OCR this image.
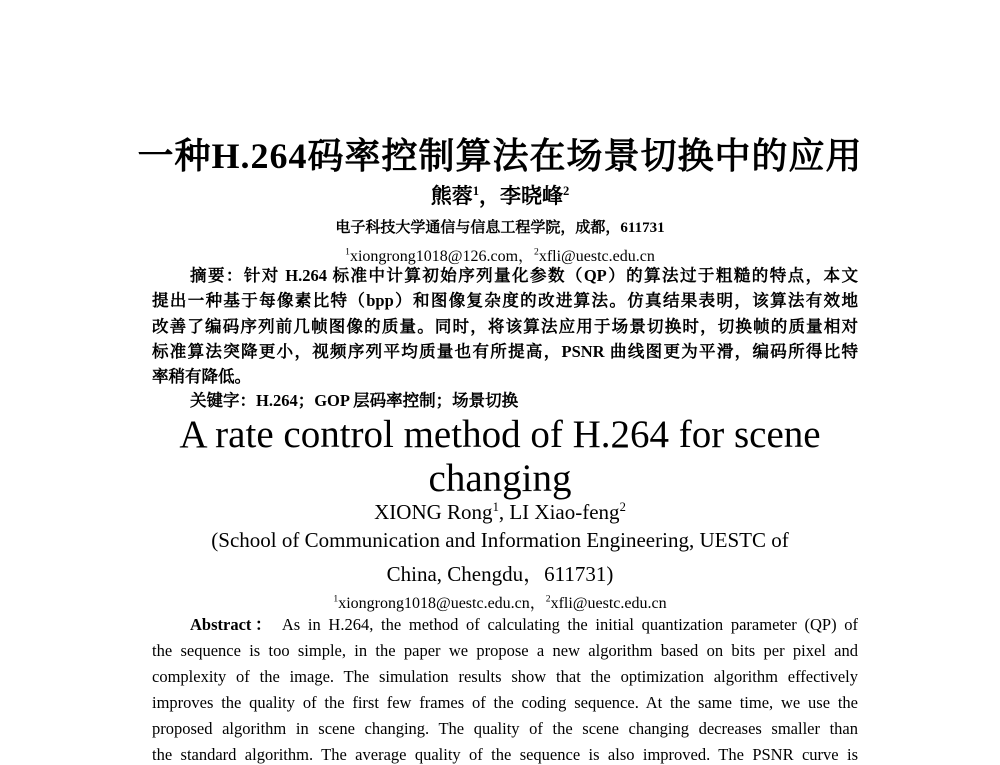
一种H.264码率控制算法在场景切换中的应用
熊蓉$^1$，李晓峰$^2$
电子科技大学通信与信息工程学院，成都，611731
$^1$xiongrong1018@126.com，$^2$xfli@uestc.edu.cn
摘要：针对 H.264 标准中计算初始序列量化参数（QP）的算法过于粗糙的特点，本文
提出一种基于每像素比特（bpp）和图像复杂度的改进算法。仿真结果表明，该算法有效地
改善了编码序列前几帧图像的质量。同时，将该算法应用于场景切换时，切换帧的质量相对
标准算法突降更小，视频序列平均质量也有所提高，PSNR 曲线图更为平滑，编码所得比特
率稍有降低。
关键字：H.264；GOP 层码率控制；场景切换
A rate control method of H.264 for scene
changing
XIONG Rong$^1$, LI Xiao-feng$^2$
(School of Communication and Information Engineering, UESTC of
China, Chengdu，611731)
$^1$xiongrong1018@uestc.edu.cn，$^2$xfli@uestc.edu.cn
Abstract： As in H.264, the method of calculating the initial quantization parameter (QP) of
the sequence is too simple, in the paper we propose a new algorithm based on bits per pixel and
complexity of the image. The simulation results show that the optimization algorithm effectively
improves the quality of the first few frames of the coding sequence. At the same time, we use the
proposed algorithm in scene changing. The quality of the scene changing decreases smaller than
the standard algorithm. The average quality of the sequence is also improved. The PSNR curve is
